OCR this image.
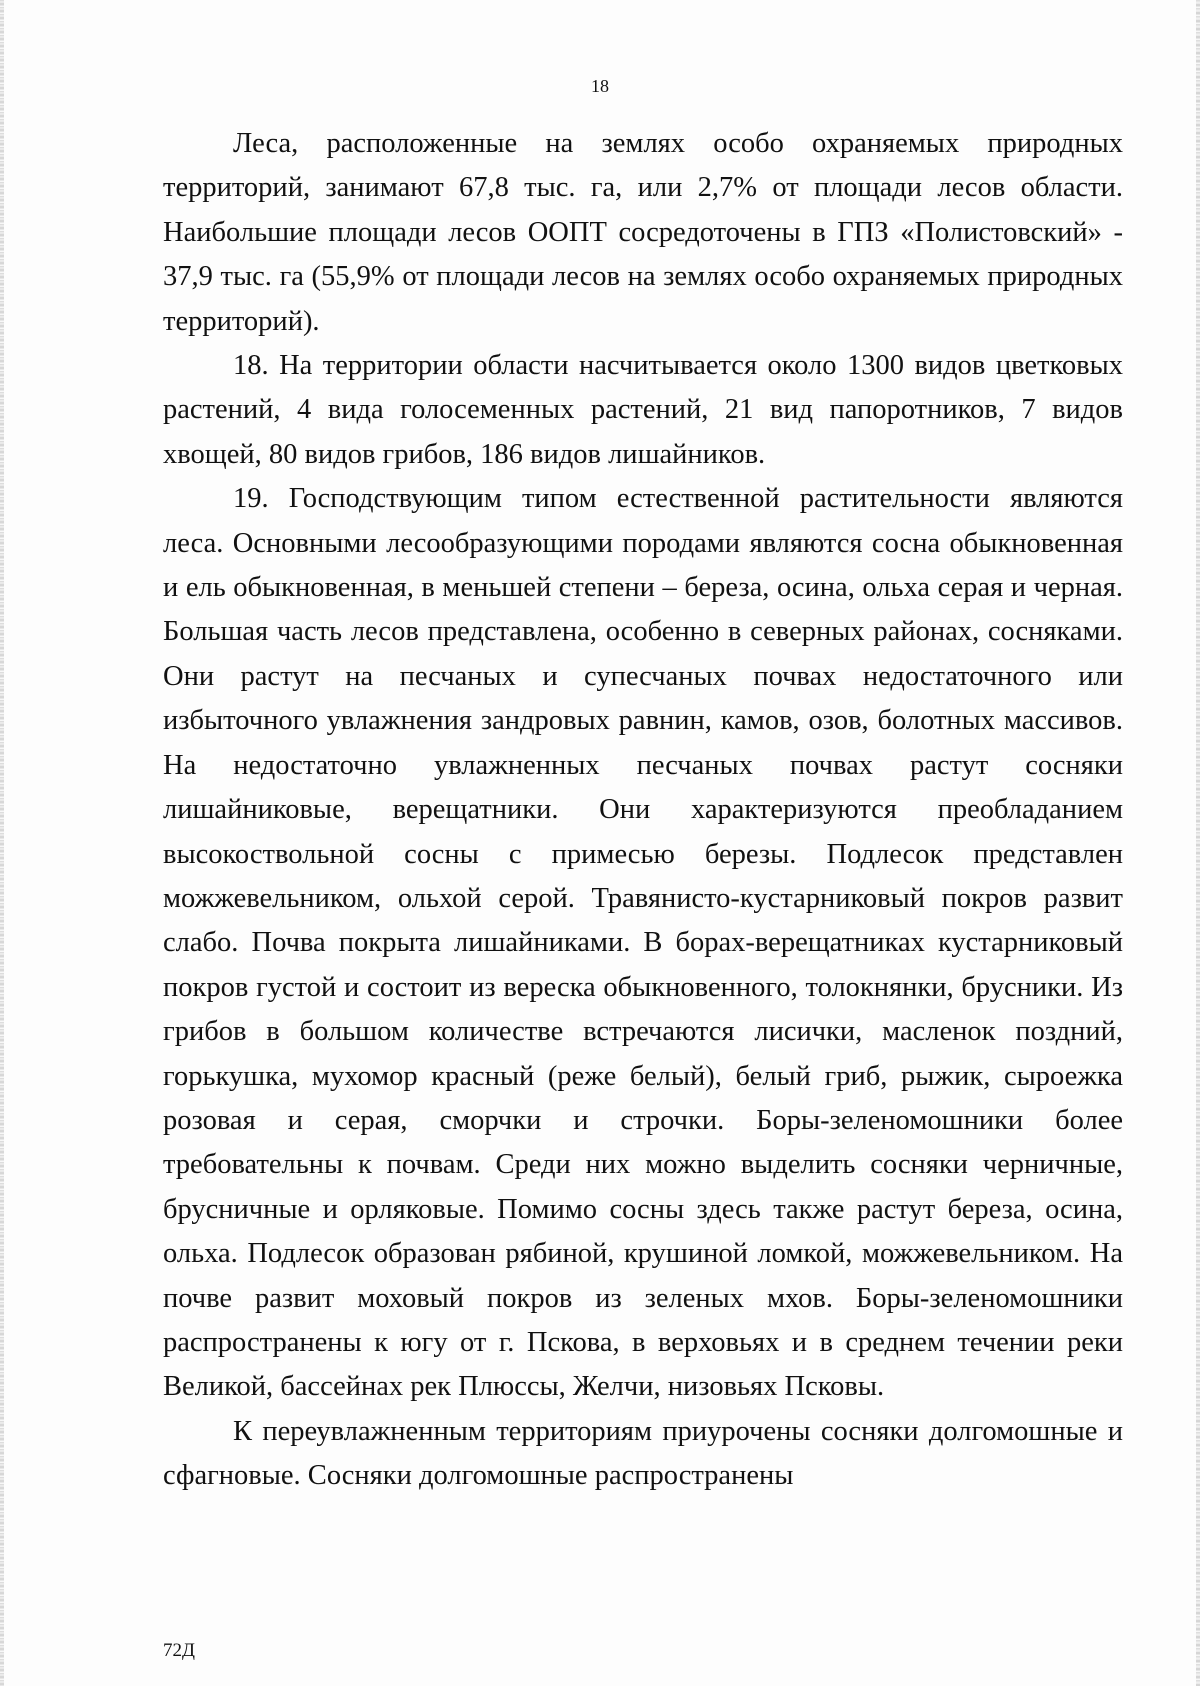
18

Леса, расположенные на землях особо охраняемых природных территорий, занимают 67,8 тыс. га, или 2,7% от площади лесов области. Наибольшие площади лесов ООПТ сосредоточены в ГПЗ «Полистовский» - 37,9 тыс. га (55,9% от площади лесов на землях особо охраняемых природных территорий).

18. На территории области насчитывается около 1300 видов цветковых растений, 4 вида голосеменных растений, 21 вид папоротников, 7 видов хвощей, 80 видов грибов, 186 видов лишайников.

19. Господствующим типом естественной растительности являются леса. Основными лесообразующими породами являются сосна обыкновенная и ель обыкновенная, в меньшей степени – береза, осина, ольха серая и черная. Большая часть лесов представлена, особенно в северных районах, сосняками. Они растут на песчаных и супесчаных почвах недостаточного или избыточного увлажнения зандровых равнин, камов, озов, болотных массивов. На недостаточно увлажненных песчаных почвах растут сосняки лишайниковые, верещатники. Они характеризуются преобладанием высокоствольной сосны с примесью березы. Подлесок представлен можжевельником, ольхой серой. Травянисто-кустарниковый покров развит слабо. Почва покрыта лишайниками. В борах-верещатниках кустарниковый покров густой и состоит из вереска обыкновенного, толокнянки, брусники. Из грибов в большом количестве встречаются лисички, масленок поздний, горькушка, мухомор красный (реже белый), белый гриб, рыжик, сыроежка розовая и серая, сморчки и строчки. Боры-зеленомошники более требовательны к почвам. Среди них можно выделить сосняки черничные, брусничные и орляковые. Помимо сосны здесь также растут береза, осина, ольха. Подлесок образован рябиной, крушиной ломкой, можжевельником. На почве развит моховый покров из зеленых мхов. Боры-зеленомошники распространены к югу от г. Пскова, в верховьях и в среднем течении реки Великой, бассейнах рек Плюссы, Желчи, низовьях Псковы.

К переувлажненным территориям приурочены сосняки долгомошные и сфагновые. Сосняки долгомошные распространены

72Д
